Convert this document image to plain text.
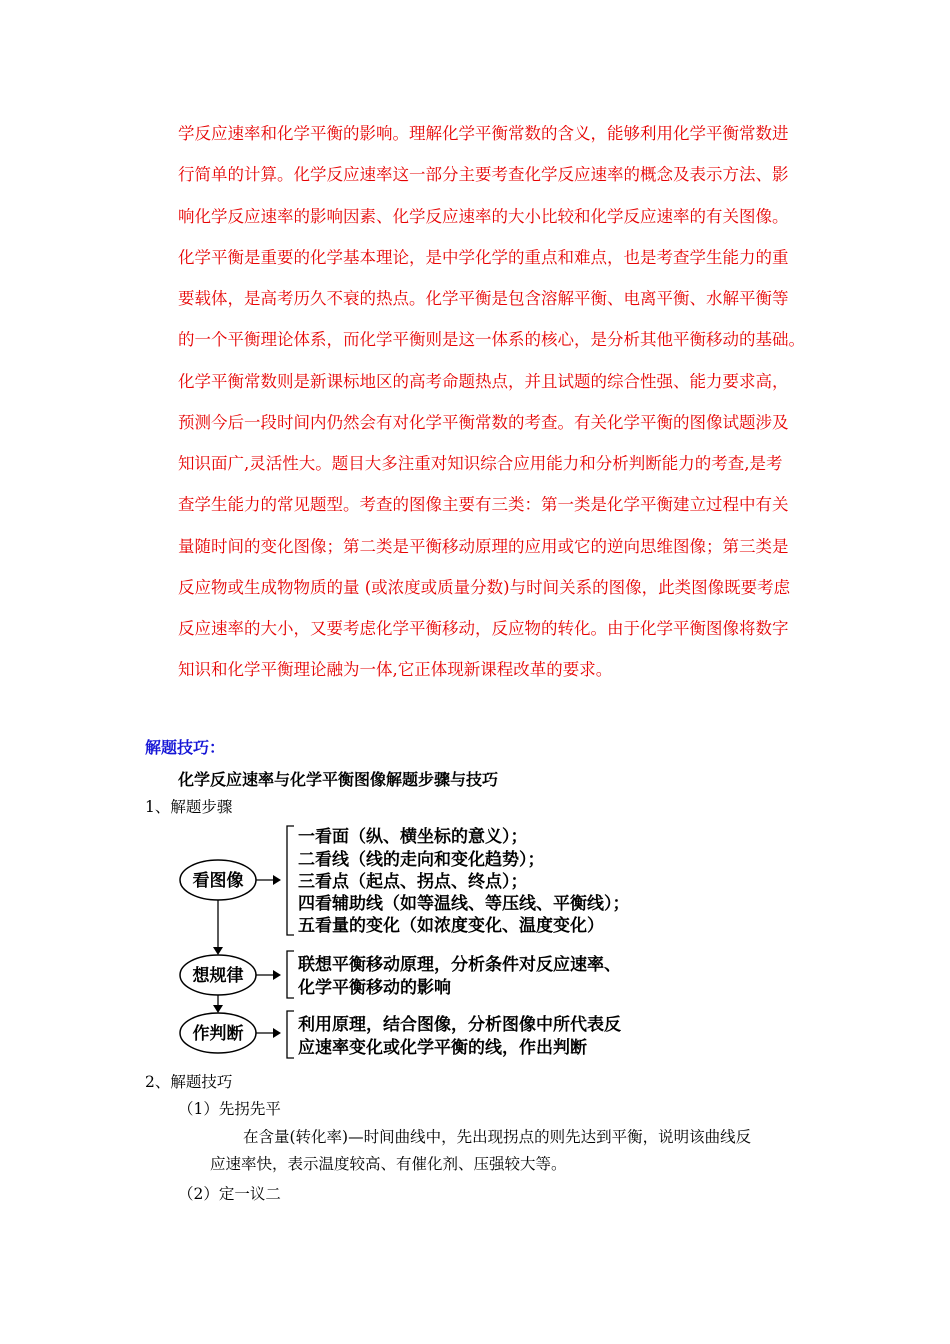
学反应速率和化学平衡的影响。理解化学平衡常数的含义，能够利用化学平衡常数进
行简单的计算。化学反应速率这一部分主要考查化学反应速率的概念及表示方法、影
响化学反应速率的影响因素、化学反应速率的大小比较和化学反应速率的有关图像。
化学平衡是重要的化学基本理论，是中学化学的重点和难点，也是考查学生能力的重
要载体，是高考历久不衰的热点。化学平衡是包含溶解平衡、电离平衡、水解平衡等
的一个平衡理论体系，而化学平衡则是这一体系的核心，是分析其他平衡移动的基础。
化学平衡常数则是新课标地区的高考命题热点，并且试题的综合性强、能力要求高，
预测今后一段时间内仍然会有对化学平衡常数的考查。有关化学平衡的图像试题涉及
知识面广,灵活性大。题目大多注重对知识综合应用能力和分析判断能力的考查,是考
查学生能力的常见题型。考查的图像主要有三类：第一类是化学平衡建立过程中有关
量随时间的变化图像；第二类是平衡移动原理的应用或它的逆向思维图像；第三类是
反应物或生成物物质的量 (或浓度或质量分数)与时间关系的图像，此类图像既要考虑
反应速率的大小，又要考虑化学平衡移动，反应物的转化。由于化学平衡图像将数字
知识和化学平衡理论融为一体,它正体现新课程改革的要求。
解题技巧：
化学反应速率与化学平衡图像解题步骤与技巧
1、解题步骤
看图像
想规律
作判断
一看面（纵、横坐标的意义）；
二看线（线的走向和变化趋势）；
三看点（起点、拐点、终点）；
四看辅助线（如等温线、等压线、平衡线）；
五看量的变化（如浓度变化、温度变化）
联想平衡移动原理，分析条件对反应速率、
化学平衡移动的影响
利用原理，结合图像，分析图像中所代表反
应速率变化或化学平衡的线，作出判断
2、解题技巧
（1）先拐先平
在含量(转化率)—时间曲线中，先出现拐点的则先达到平衡，说明该曲线反
应速率快，表示温度较高、有催化剂、压强较大等。
（2）定一议二
